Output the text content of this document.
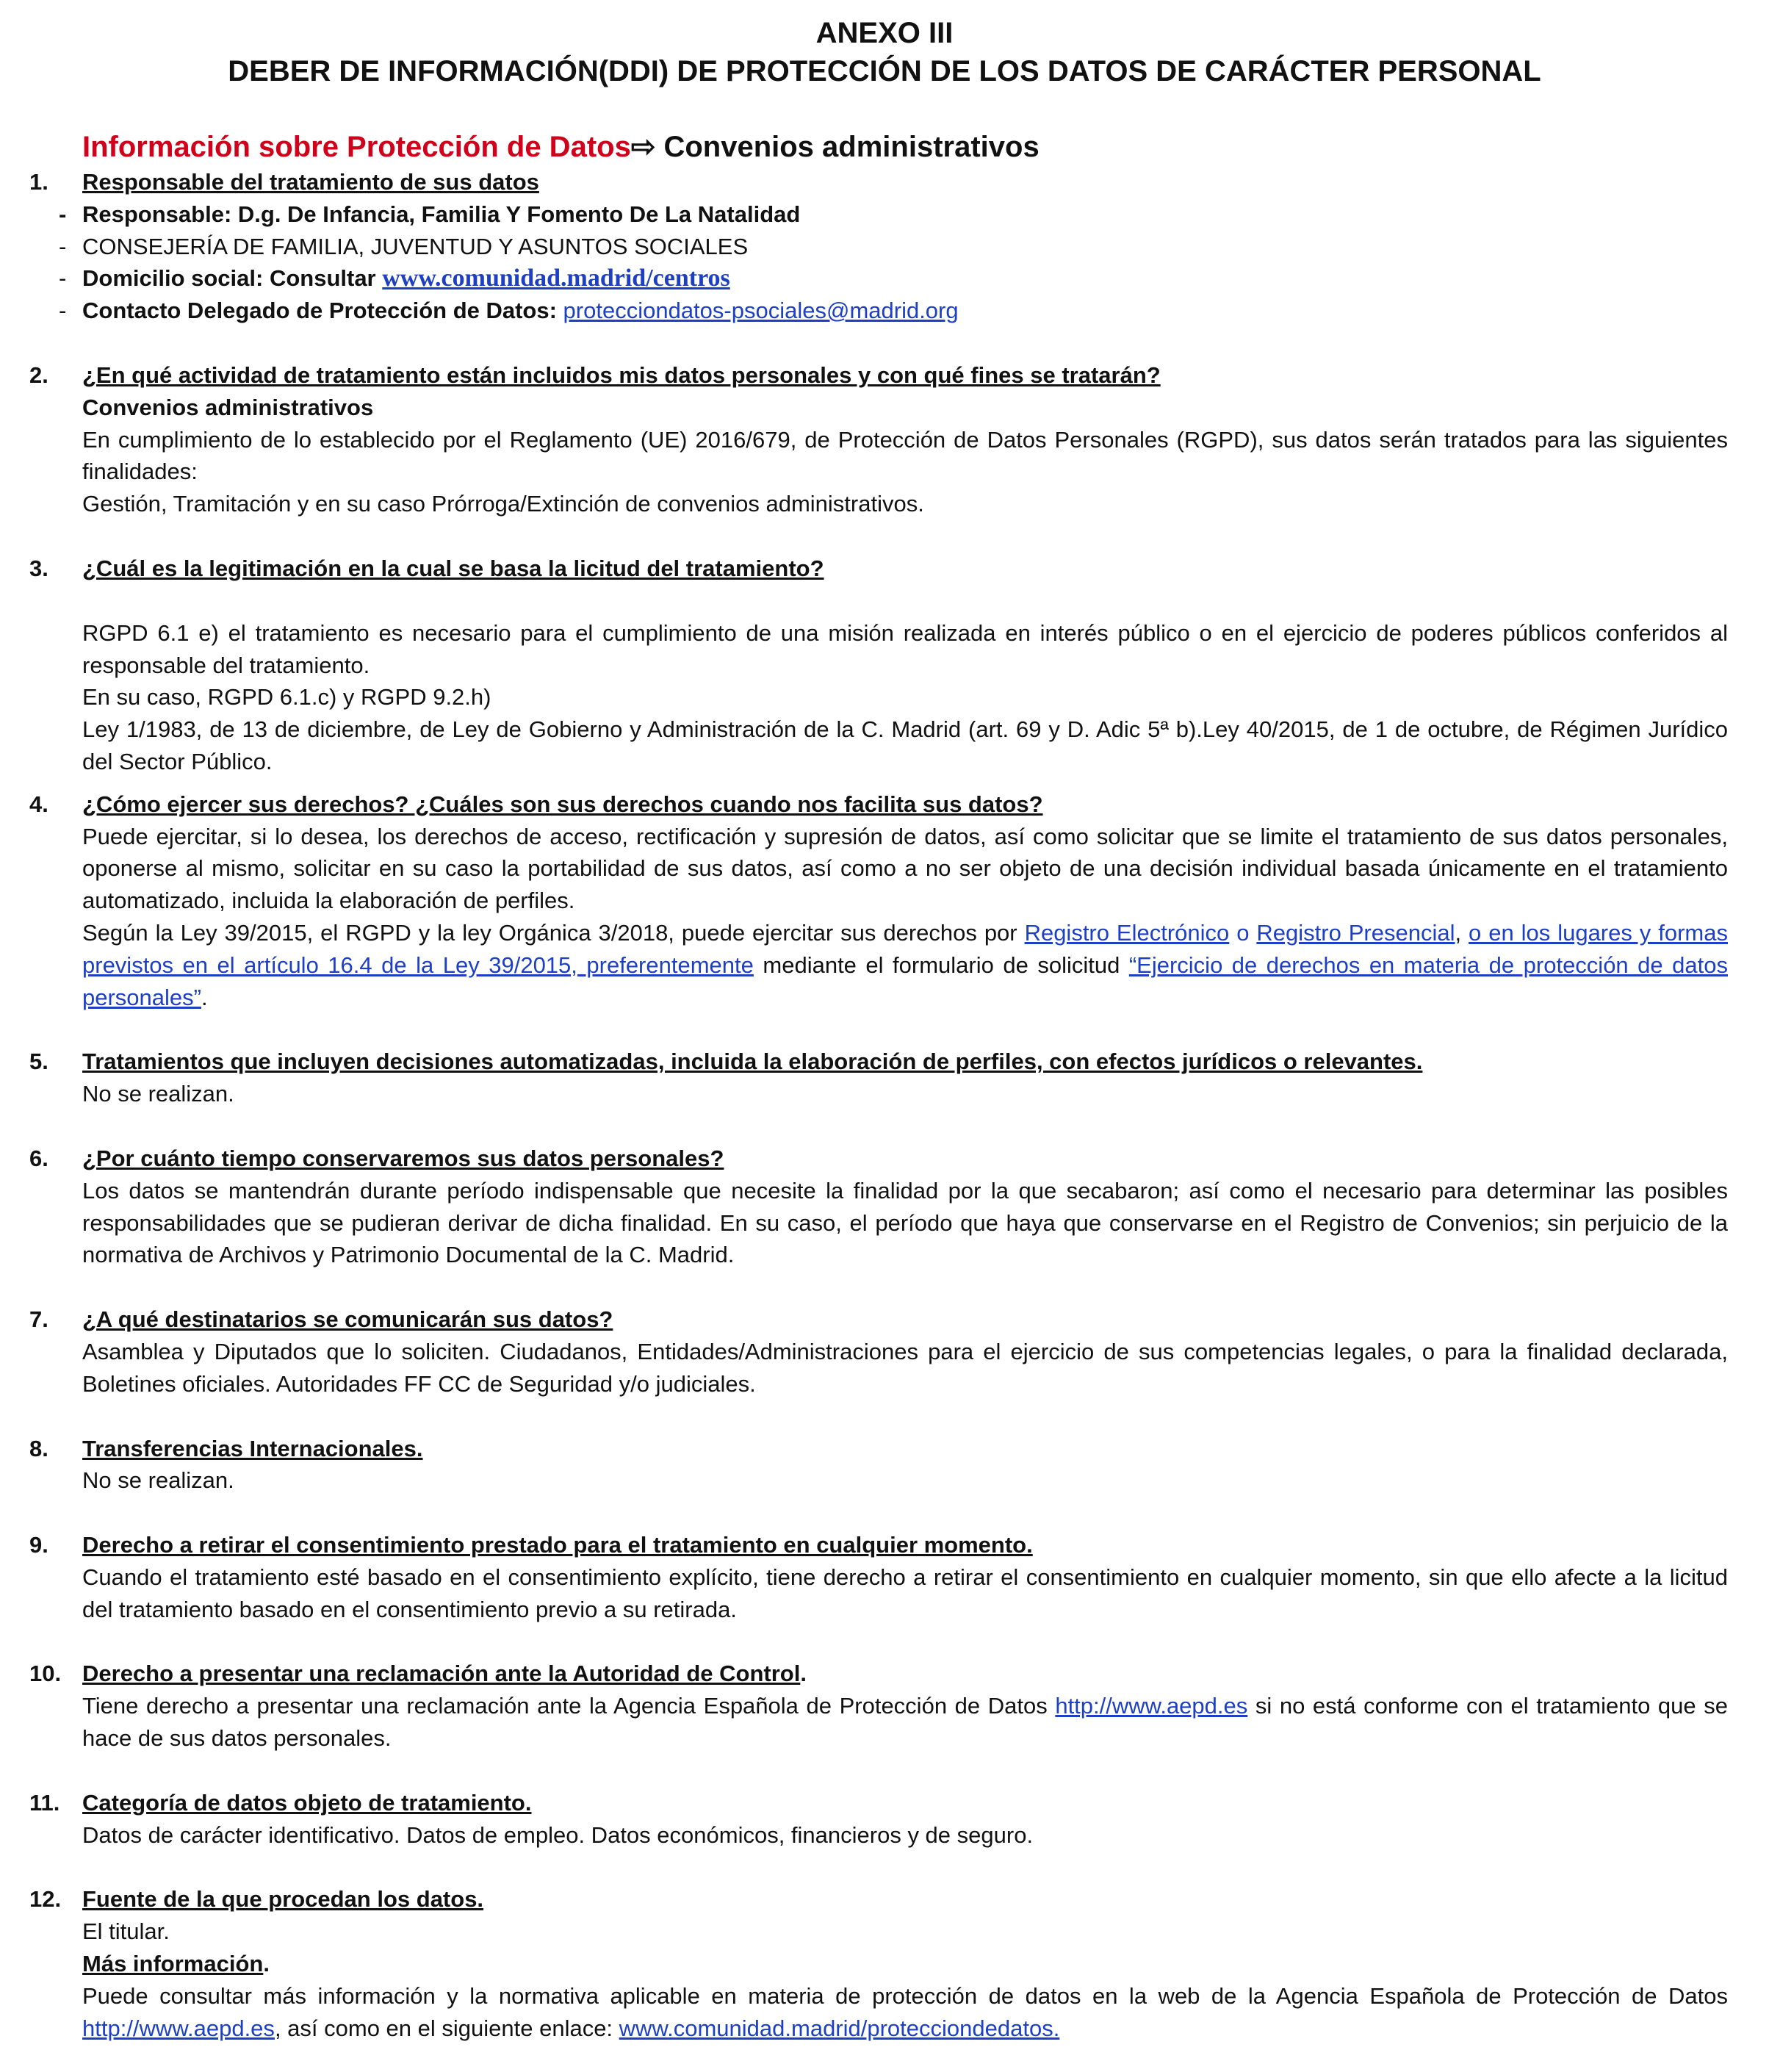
ANEXO III
DEBER DE INFORMACIÓN(DDI) DE PROTECCIÓN DE LOS DATOS DE CARÁCTER PERSONAL
Información sobre Protección de Datos⇨ Convenios administrativos
1. Responsable del tratamiento de sus datos
- Responsable: D.g. De Infancia, Familia Y Fomento De La Natalidad
- CONSEJERÍA DE FAMILIA, JUVENTUD Y ASUNTOS SOCIALES
- Domicilio social: Consultar www.comunidad.madrid/centros
- Contacto Delegado de Protección de Datos: protecciondatos-psociales@madrid.org
2. ¿En qué actividad de tratamiento están incluidos mis datos personales y con qué fines se tratarán?
Convenios administrativos

En cumplimiento de lo establecido por el Reglamento (UE) 2016/679, de Protección de Datos Personales (RGPD), sus datos serán tratados para las siguientes finalidades:

Gestión, Tramitación y en su caso Prórroga/Extinción de convenios administrativos.

3. ¿Cuál es la legitimación en la cual se basa la licitud del tratamiento?

RGPD 6.1 e) el tratamiento es necesario para el cumplimiento de una misión realizada en interés público o en el ejercicio de poderes públicos conferidos al responsable del tratamiento.

En su caso, RGPD 6.1.c) y RGPD 9.2.h)

Ley 1/1983, de 13 de diciembre, de Ley de Gobierno y Administración de la C. Madrid (art. 69 y D. Adic 5ª b).Ley 40/2015, de 1 de octubre, de Régimen Jurídico del Sector Público.

4. ¿Cómo ejercer sus derechos? ¿Cuáles son sus derechos cuando nos facilita sus datos?

Puede ejercitar, si lo desea, los derechos de acceso, rectificación y supresión de datos, así como solicitar que se limite el tratamiento de sus datos personales, oponerse al mismo, solicitar en su caso la portabilidad de sus datos, así como a no ser objeto de una decisión individual basada únicamente en el tratamiento automatizado, incluida la elaboración de perfiles.

Según la Ley 39/2015, el RGPD y la ley Orgánica 3/2018, puede ejercitar sus derechos por Registro Electrónico o Registro Presencial, o en los lugares y formas previstos en el artículo 16.4 de la Ley 39/2015, preferentemente mediante el formulario de solicitud “Ejercicio de derechos en materia de protección de datos personales”.

5. Tratamientos que incluyen decisiones automatizadas, incluida la elaboración de perfiles, con efectos jurídicos o relevantes.

No se realizan.

6. ¿Por cuánto tiempo conservaremos sus datos personales?

Los datos se mantendrán durante período indispensable que necesite la finalidad por la que secabaron; así como el necesario para determinar las posibles responsabilidades que se pudieran derivar de dicha finalidad. En su caso, el período que haya que conservarse en el Registro de Convenios; sin perjuicio de la normativa de Archivos y Patrimonio Documental de la C. Madrid.

7. ¿A qué destinatarios se comunicarán sus datos?

Asamblea y Diputados que lo soliciten. Ciudadanos, Entidades/Administraciones para el ejercicio de sus competencias legales, o para la finalidad declarada, Boletines oficiales. Autoridades FF CC de Seguridad y/o judiciales.

8. Transferencias Internacionales.

No se realizan.

9. Derecho a retirar el consentimiento prestado para el tratamiento en cualquier momento.

Cuando el tratamiento esté basado en el consentimiento explícito, tiene derecho a retirar el consentimiento en cualquier momento, sin que ello afecte a la licitud del tratamiento basado en el consentimiento previo a su retirada.

10. Derecho a presentar una reclamación ante la Autoridad de Control.

Tiene derecho a presentar una reclamación ante la Agencia Española de Protección de Datos http://www.aepd.es si no está conforme con el tratamiento que se hace de sus datos personales.

11. Categoría de datos objeto de tratamiento.

Datos de carácter identificativo. Datos de empleo. Datos económicos, financieros y de seguro.

12. Fuente de la que procedan los datos.

El titular.

Más información.

Puede consultar más información y la normativa aplicable en materia de protección de datos en la web de la Agencia Española de Protección de Datos http://www.aepd.es, así como en el siguiente enlace: www.comunidad.madrid/protecciondedatos.
